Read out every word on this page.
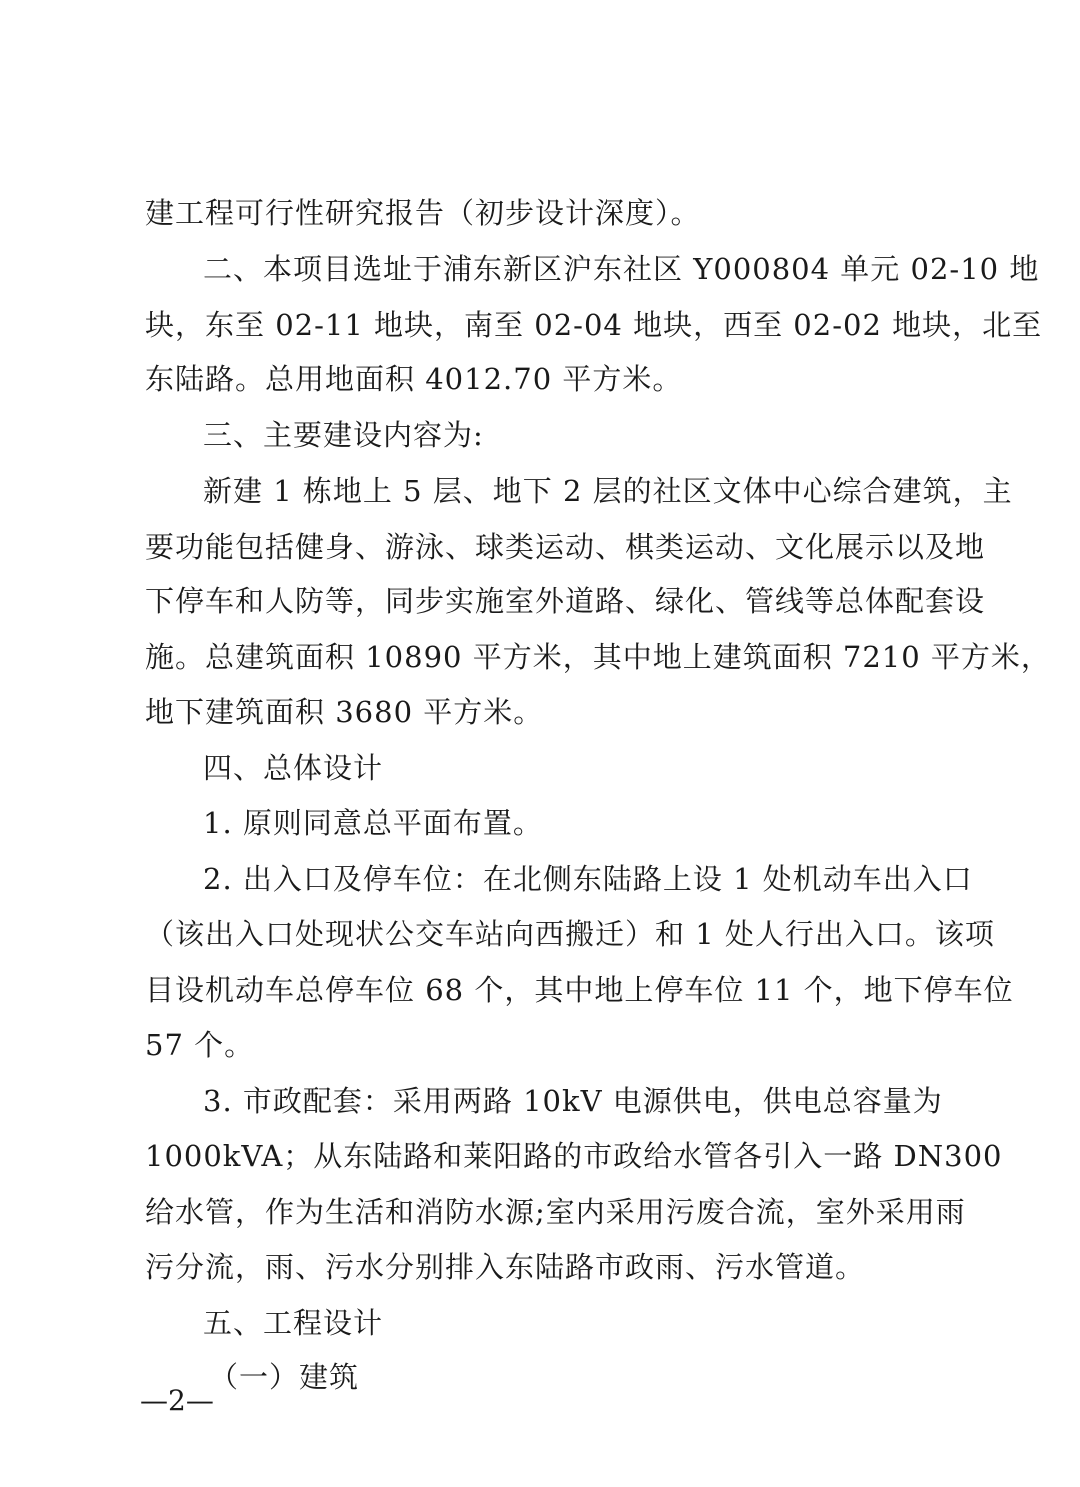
建工程可行性研究报告（初步设计深度）。
二、本项目选址于浦东新区沪东社区 Y000804 单元 02-10 地
块，东至 02-11 地块，南至 02-04 地块，西至 02-02 地块，北至
东陆路。总用地面积 4012.70 平方米。
三、主要建设内容为:
新建 1 栋地上 5 层、地下 2 层的社区文体中心综合建筑，主
要功能包括健身、游泳、球类运动、棋类运动、文化展示以及地
下停车和人防等，同步实施室外道路、绿化、管线等总体配套设
施。总建筑面积 10890 平方米，其中地上建筑面积 7210 平方米，
地下建筑面积 3680 平方米。
四、总体设计
1. 原则同意总平面布置。
2. 出入口及停车位：在北侧东陆路上设 1 处机动车出入口
（该出入口处现状公交车站向西搬迁）和 1 处人行出入口。该项
目设机动车总停车位 68 个，其中地上停车位 11 个，地下停车位
57 个。
3. 市政配套：采用两路 10kV 电源供电，供电总容量为
1000kVA；从东陆路和莱阳路的市政给水管各引入一路 DN300
给水管，作为生活和消防水源;室内采用污废合流，室外采用雨
污分流，雨、污水分别排入东陆路市政雨、污水管道。
五、工程设计
（一）建筑
—2—
